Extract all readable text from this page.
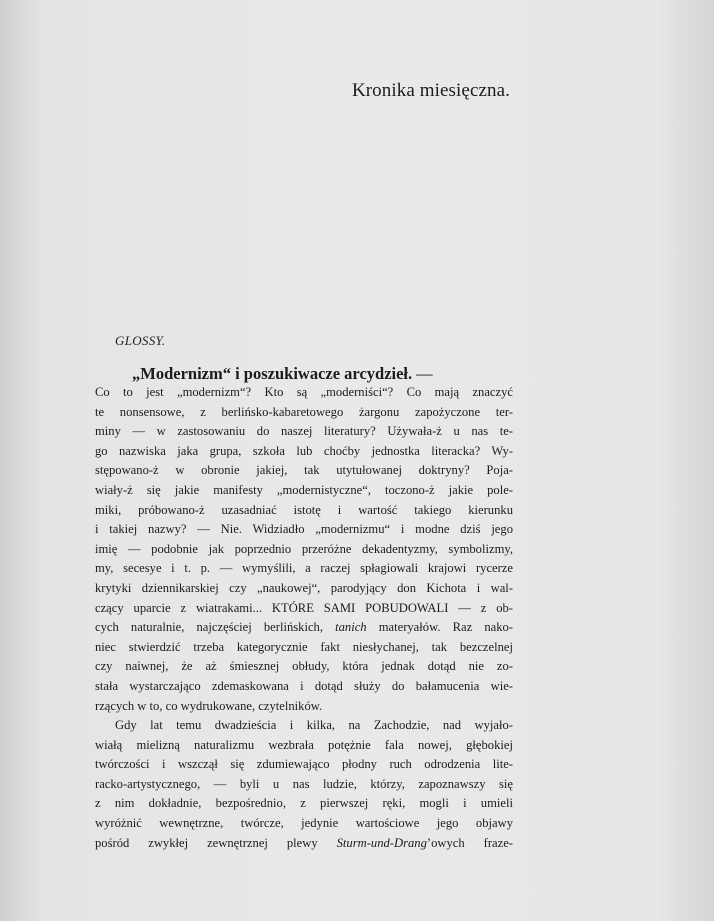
Kronika miesięczna.
GLOSSY.
„Modernizm“ i poszukiwacze arcydzieł. —
Co to jest „modernizm“? Kto są „moderniści“? Co mają znaczyć
te nonsensowe, z berlińsko-kabaretowego żargonu zapożyczone ter-
miny — w zastosowaniu do naszej literatury? Używała-ż u nas te-
go nazwiska jaka grupa, szkoła lub choćby jednostka literacka? Wy-
stępowano-ż w obronie jakiej, tak utytułowanej doktryny? Poja-
wiały-ż się jakie manifesty „modernistyczne“, toczono-ż jakie pole-
miki, próbowano-ż uzasadniać istotę i wartość takiego kierunku
i takiej nazwy? — Nie. Widziadło „modernizmu“ i modne dziś jego
imię — podobnie jak poprzednio przeróżne dekadentyzmy, symbolizmy,
my, secesye i t. p. — wymyślili, a raczej spłagiowali krajowi rycerze
krytyki dziennikarskiej czy „naukowej“, parodyjący don Kichota i wal-
czący uparcie z wiatrakami... KTÓRE SAMI POBUDOWALI — z ob-
cych naturalnie, najczęściej berlińskich, tanich materyałów. Raz nako-
niec stwierdzić trzeba kategorycznie fakt niesłychanej, tak bezczelnej
czy naiwnej, że aż śmiesznej obłudy, która jednak dotąd nie zo-
stała wystarczająco zdemaskowana i dotąd służy do bałamucenia wie-
rzących w to, co wydrukowane, czytelników.
Gdy lat temu dwadzieścia i kilka, na Zachodzie, nad wyjało-
wiałą mielizną naturalizmu wezbrała potężnie fala nowej, głębokiej
twórczości i wszczął się zdumiewająco płodny ruch odrodzenia lite-
racko-artystycznego, — byli u nas ludzie, którzy, zapoznawszy się
z nim dokładnie, bezpośrednio, z pierwszej ręki, mogli i umieli
wyróżnić wewnętrzne, twórcze, jedynie wartościowe jego objawy
pośród zwykłej zewnętrznej plewy Sturm-und-Drang’owych fraze-
